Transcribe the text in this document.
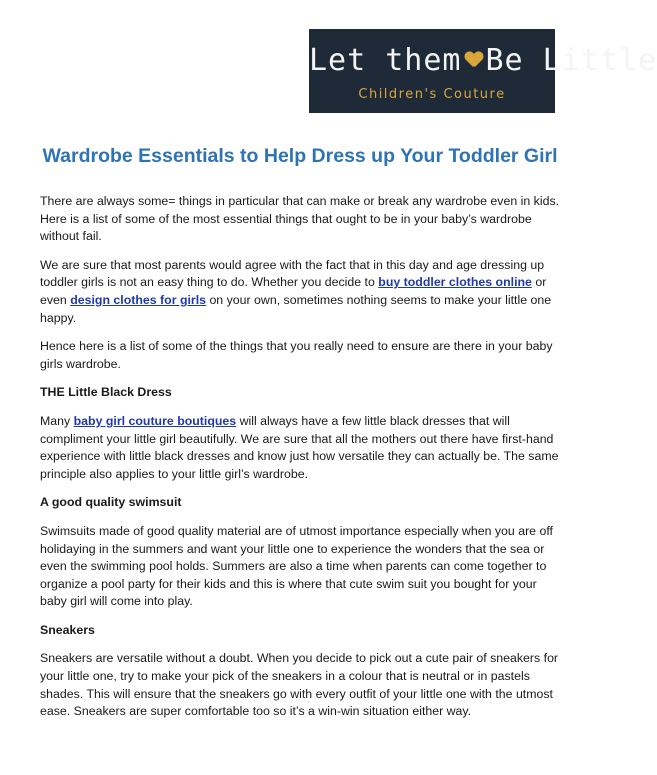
Let them Be Little
Children's Couture
Wardrobe Essentials to Help Dress up Your Toddler Girl

There are always some= things in particular that can make or break any wardrobe even in kids. Here is a list of some of the most essential things that ought to be in your baby’s wardrobe without fail.

We are sure that most parents would agree with the fact that in this day and age dressing up toddler girls is not an easy thing to do. Whether you decide to buy toddler clothes online or even design clothes for girls on your own, sometimes nothing seems to make your little one happy.

Hence here is a list of some of the things that you really need to ensure are there in your baby girls wardrobe.

THE Little Black Dress

Many baby girl couture boutiques will always have a few little black dresses that will compliment your little girl beautifully. We are sure that all the mothers out there have first-hand experience with little black dresses and know just how versatile they can actually be. The same principle also applies to your little girl’s wardrobe.

A good quality swimsuit

Swimsuits made of good quality material are of utmost importance especially when you are off holidaying in the summers and want your little one to experience the wonders that the sea or even the swimming pool holds. Summers are also a time when parents can come together to organize a pool party for their kids and this is where that cute swim suit you bought for your baby girl will come into play.

Sneakers

Sneakers are versatile without a doubt. When you decide to pick out a cute pair of sneakers for your little one, try to make your pick of the sneakers in a colour that is neutral or in pastels shades. This will ensure that the sneakers go with every outfit of your little one with the utmost ease. Sneakers are super comfortable too so it’s a win-win situation either way.
